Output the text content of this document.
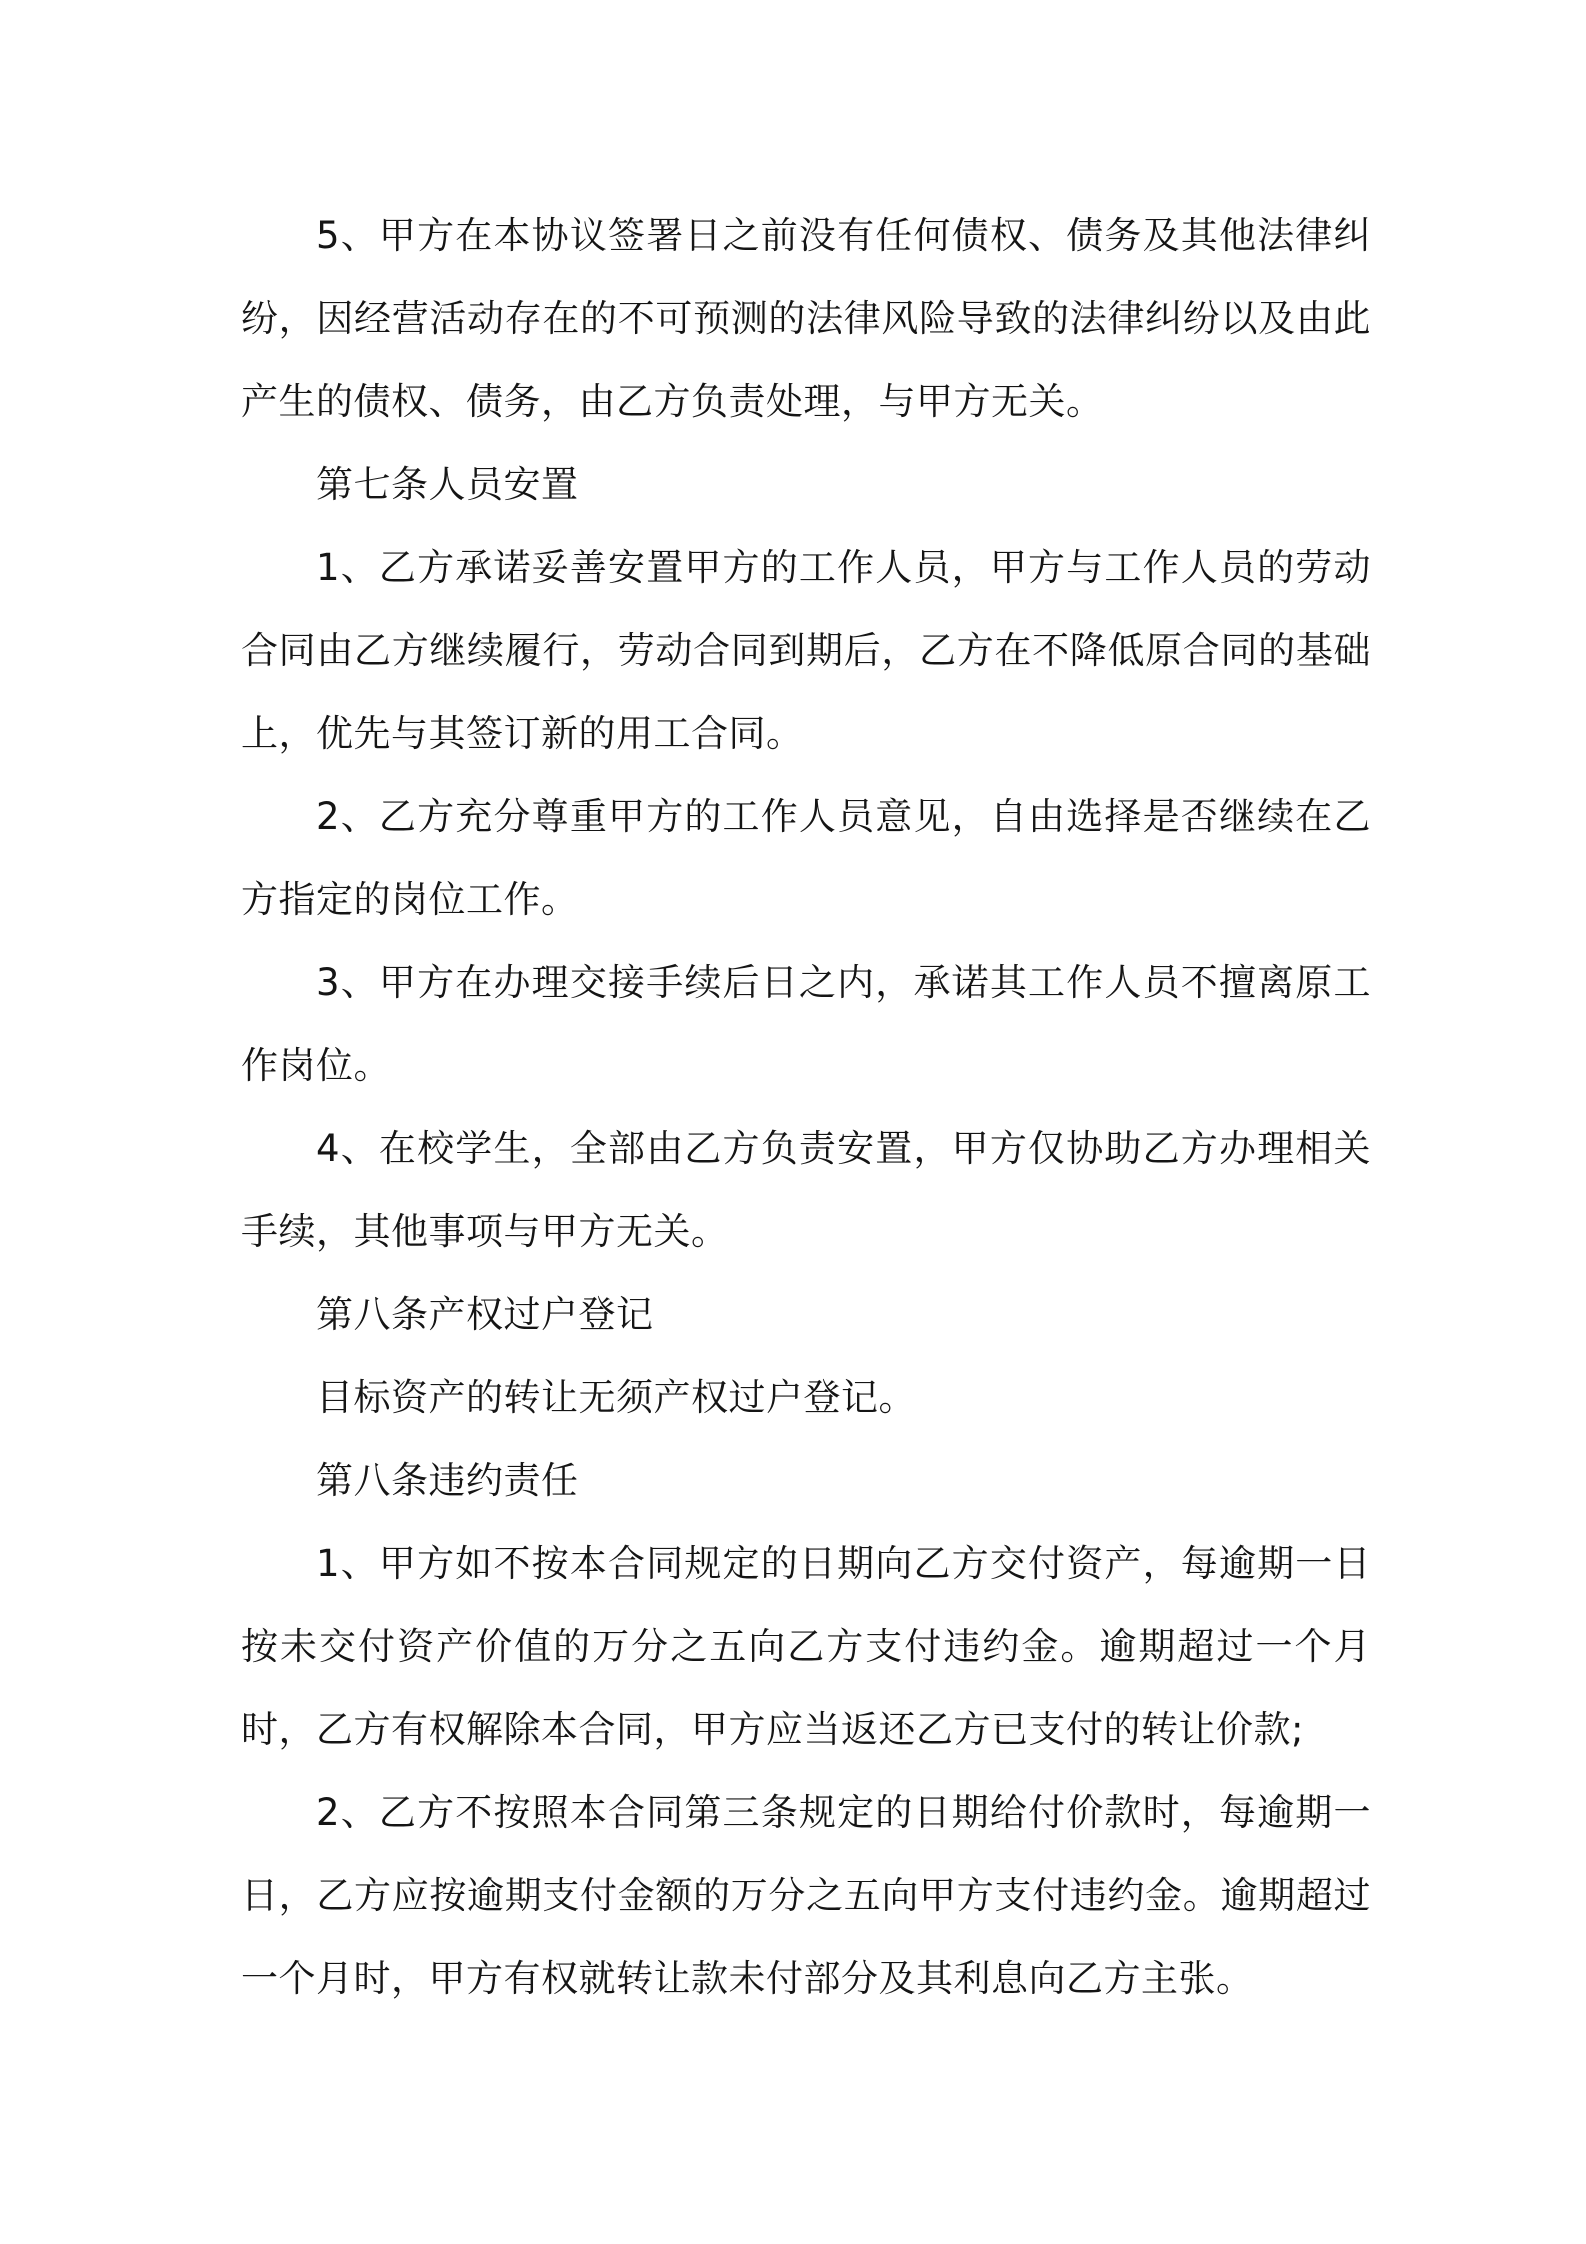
5、甲方在本协议签署日之前没有任何债权、债务及其他法律纠纷，因经营活动存在的不可预测的法律风险导致的法律纠纷以及由此产生的债权、债务，由乙方负责处理，与甲方无关。

第七条人员安置

1、乙方承诺妥善安置甲方的工作人员，甲方与工作人员的劳动合同由乙方继续履行，劳动合同到期后，乙方在不降低原合同的基础上，优先与其签订新的用工合同。

2、乙方充分尊重甲方的工作人员意见，自由选择是否继续在乙方指定的岗位工作。

3、甲方在办理交接手续后日之内，承诺其工作人员不擅离原工作岗位。

4、在校学生，全部由乙方负责安置，甲方仅协助乙方办理相关手续，其他事项与甲方无关。

第八条产权过户登记

目标资产的转让无须产权过户登记。

第八条违约责任

1、甲方如不按本合同规定的日期向乙方交付资产，每逾期一日按未交付资产价值的万分之五向乙方支付违约金。逾期超过一个月时，乙方有权解除本合同，甲方应当返还乙方已支付的转让价款;

2、乙方不按照本合同第三条规定的日期给付价款时，每逾期一日，乙方应按逾期支付金额的万分之五向甲方支付违约金。逾期超过一个月时，甲方有权就转让款未付部分及其利息向乙方主张。
